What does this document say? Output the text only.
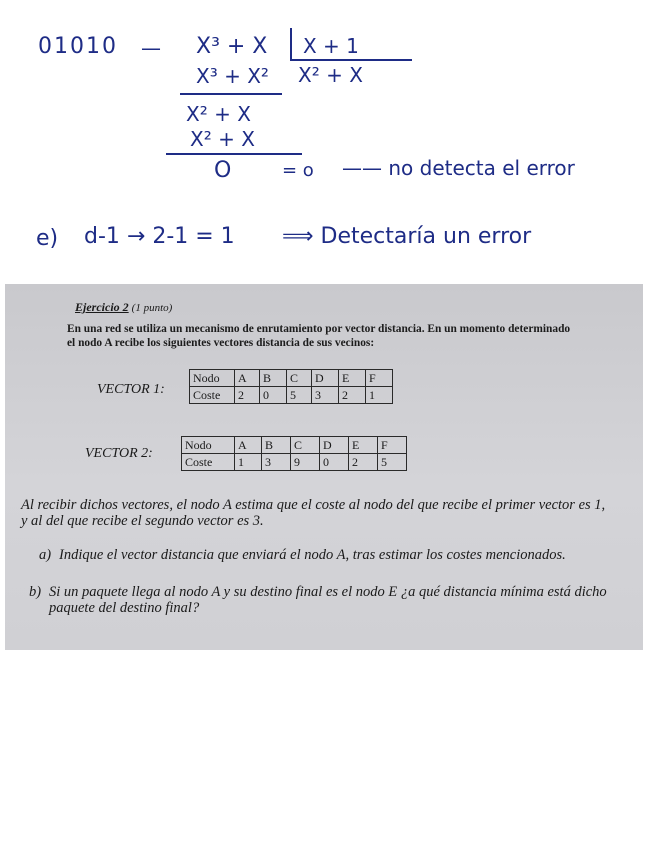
01010 — X³ + X X + 1
X² + X
X³ + X²
X² + X
X² + X
O	= o —— no detecta el error
e) d-1 → 2-1 = 1 ⟹ Detectaría un error
Ejercicio 2 (1 punto)
En una red se utiliza un mecanismo de enrutamiento por vector distancia. En un momento determinado el nodo A recibe los siguientes vectores distancia de sus vecinos:
VECTOR 1:
Nodo	A	B	C	D	E	F
Coste	2	0	5	3	2	1
VECTOR 2:
Nodo	A	B	C	D	E	F
Coste	1	3	9	0	2	5
Al recibir dichos vectores, el nodo A estima que el coste al nodo del que recibe el primer vector es 1, y al del que recibe el segundo vector es 3.
a) Indique el vector distancia que enviará el nodo A, tras estimar los costes mencionados.
b) Si un paquete llega al nodo A y su destino final es el nodo E ¿a qué distancia mínima está dicho paquete del destino final?
